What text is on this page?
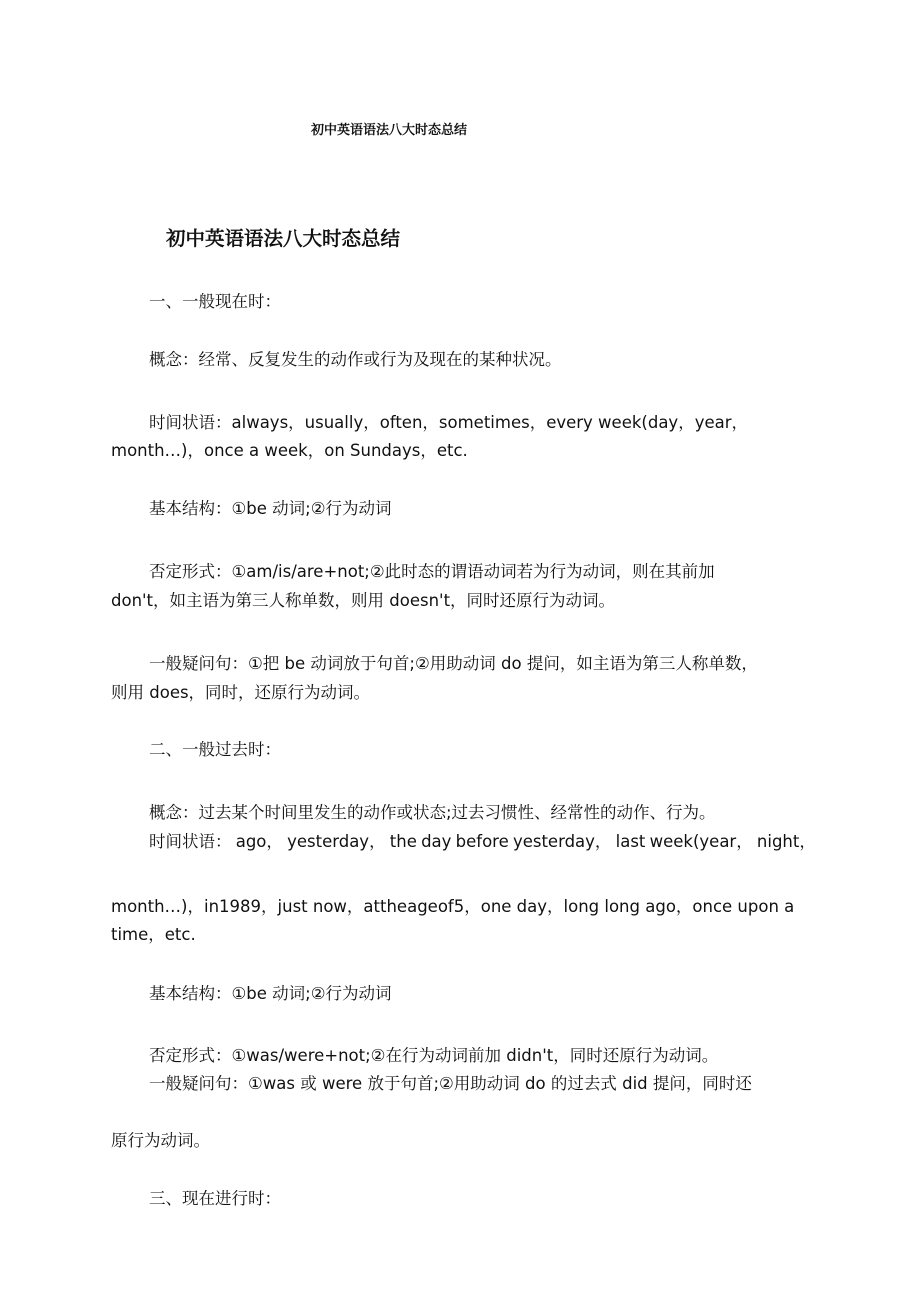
初中英语语法八大时态总结
初中英语语法八大时态总结
一、一般现在时：
概念：经常、反复发生的动作或行为及现在的某种状况。
时间状语：always，usually，often，sometimes，every week(day，year，
month…)，once a week，on Sundays，etc.
基本结构：①be 动词;②行为动词
否定形式：①am/is/are+not;②此时态的谓语动词若为行为动词，则在其前加
don't，如主语为第三人称单数，则用 doesn't，同时还原行为动词。
一般疑问句：①把 be 动词放于句首;②用助动词 do 提问，如主语为第三人称单数，
则用 does，同时，还原行为动词。
二、一般过去时：
概念：过去某个时间里发生的动作或状态;过去习惯性、经常性的动作、行为。
时间状语： ago， yesterday， the day before yesterday， last week(year， night，
month…)，in1989，just now，attheageof5，one day，long long ago，once upon a
time，etc.
基本结构：①be 动词;②行为动词
否定形式：①was/were+not;②在行为动词前加 didn't，同时还原行为动词。
一般疑问句：①was 或 were 放于句首;②用助动词 do 的过去式 did 提问，同时还
原行为动词。
三、现在进行时：
